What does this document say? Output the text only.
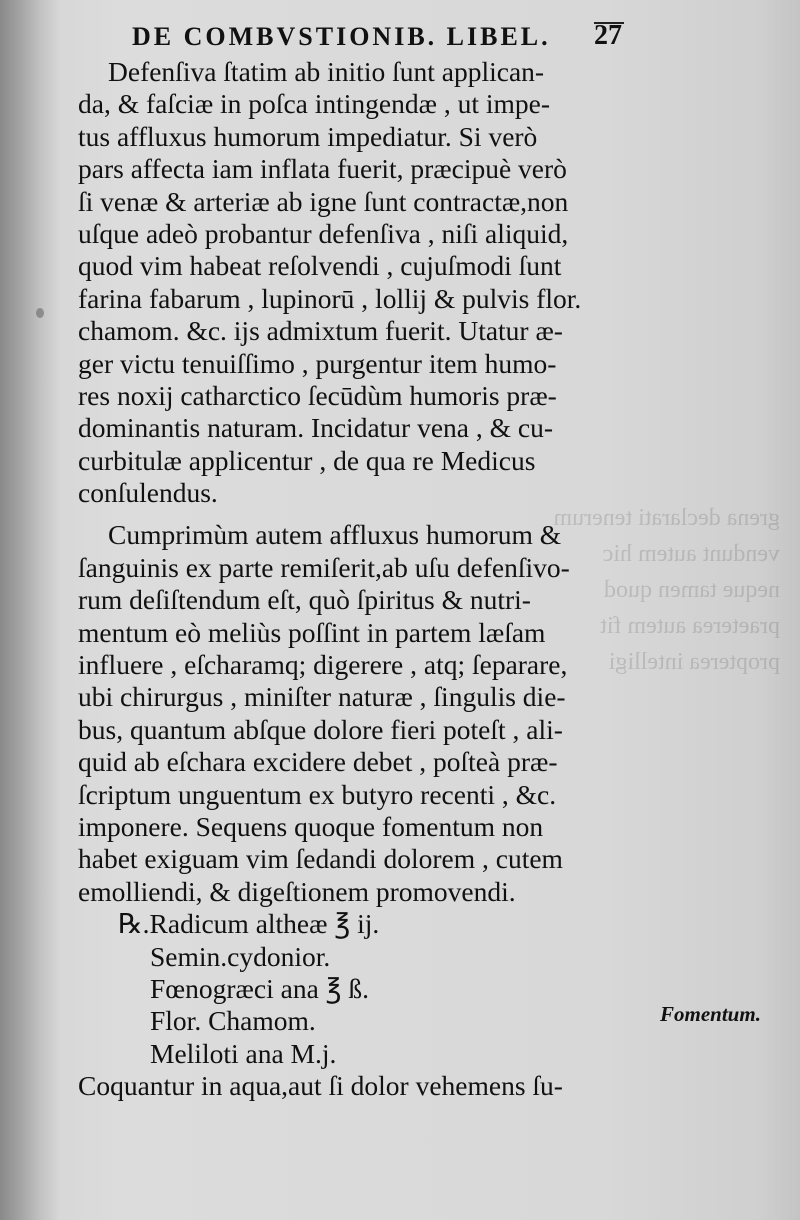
grena declarati tenerum
vendunt autem hic
neque tamen quod
praeterea autem fit
propterea intelligi
DE COMBVSTIONIB. LIBEL. 27
Defenſiva ſtatim ab initio ſunt applican-
da, & faſciæ in poſca intingendæ , ut impe-
tus affluxus humorum impediatur. Si verò
pars affecta iam inflata fuerit, præcipuè verò
ſi venæ & arteriæ ab igne ſunt contractæ,non
uſque adeò probantur defenſiva , niſi aliquid,
quod vim habeat reſolvendi , cujuſmodi ſunt
farina fabarum , lupinorū , lollij & pulvis flor.
chamom. &c. ijs admixtum fuerit. Utatur æ-
ger victu tenuiſſimo , purgentur item humo-
res noxij catharctico ſecūdùm humoris præ-
dominantis naturam. Incidatur vena , & cu-
curbitulæ applicentur , de qua re Medicus
conſulendus.
Cumprimùm autem affluxus humorum &
ſanguinis ex parte remiſerit,ab uſu defenſivo-
rum deſiſtendum eſt, quò ſpiritus & nutri-
mentum eò meliùs poſſint in partem læſam
influere , eſcharamq; digerere , atq; ſeparare,
ubi chirurgus , miniſter naturæ , ſingulis die-
bus, quantum abſque dolore fieri poteſt , ali-
quid ab eſchara excidere debet , poſteà præ-
ſcriptum unguentum ex butyro recenti , &c.
imponere. Sequens quoque fomentum non
habet exiguam vim ſedandi dolorem , cutem
emolliendi, & digeſtionem promovendi.
℞.Radicum altheæ ℥ ij.
Semin.cydonior.
Fœnogræci ana ℥ ß.
Flor. Chamom.
Meliloti ana M.j.
Coquantur in aqua,aut ſi dolor vehemens ſu-
Fomentum.
